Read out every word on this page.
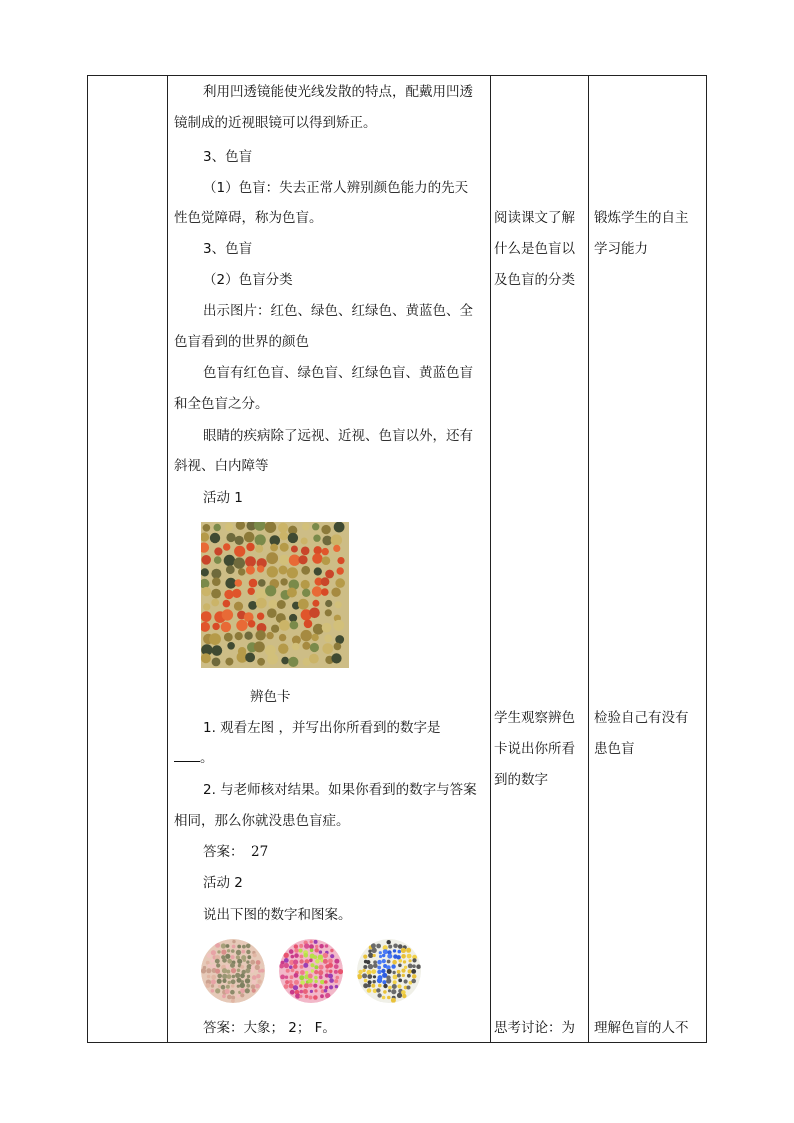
利用凹透镜能使光线发散的特点，配戴用凹透
镜制成的近视眼镜可以得到矫正。
3、色盲
（1）色盲：失去正常人辨别颜色能力的先天
性色觉障碍，称为色盲。
3、色盲
（2）色盲分类
出示图片：红色、绿色、红绿色、黄蓝色、全
色盲看到的世界的颜色
色盲有红色盲、绿色盲、红绿色盲、黄蓝色盲
和全色盲之分。
眼睛的疾病除了远视、近视、色盲以外，还有
斜视、白内障等
活动 1
辨色卡
1. 观看左图 ，并写出你所看到的数字是
。
2. 与老师核对结果。如果你看到的数字与答案
相同，那么你就没患色盲症。
答案： 27
活动 2
说出下图的数字和图案。
答案：大象； 2； F。
阅读课文了解
什么是色盲以
及色盲的分类
学生观察辨色
卡说出你所看
到的数字
思考讨论：为
锻炼学生的自主
学习能力
检验自己有没有
患色盲
理解色盲的人不
